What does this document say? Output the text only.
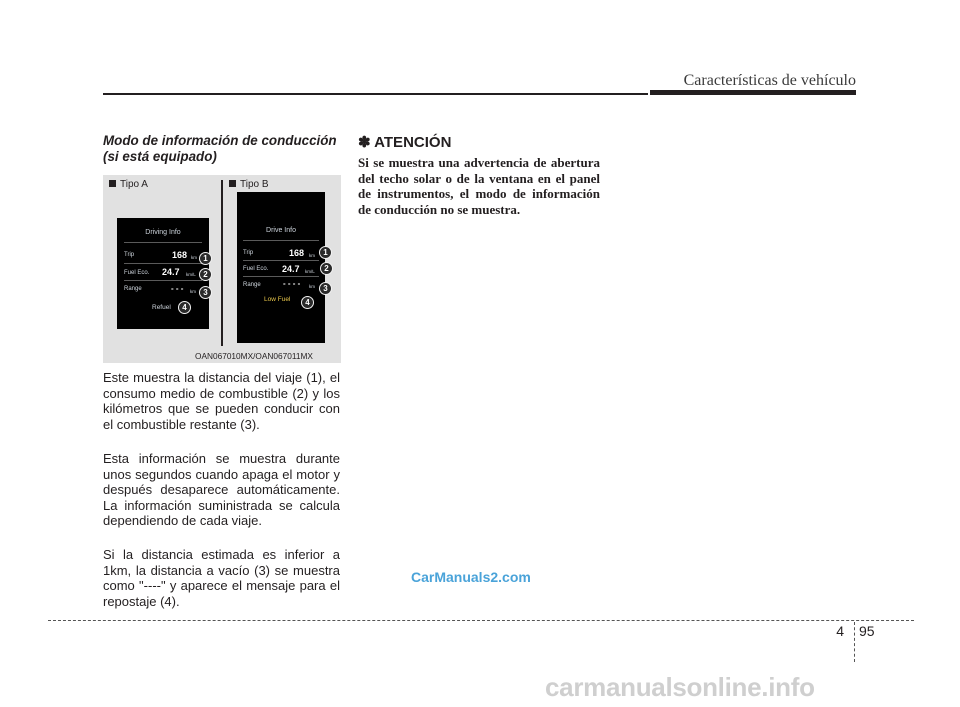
Características de vehículo
Modo de información de conducción (si está equipado)
Tipo A	Tipo B
Driving Info
Trip	168 km
Fuel Eco. 24.7 km/L
Range	- - - km
Refuel
1
2
3
4
Drive Info
Trip	168 km
Fuel Eco. 24.7 km/L
Range	- - - - km
Low Fuel
1
2
3
4
OAN067010MX/OAN067011MX
Este muestra la distancia del viaje (1), el consumo medio de combustible (2) y los kilómetros que se pueden conducir con el combustible restante (3).
Esta información se muestra durante unos segundos cuando apaga el motor y después desaparece automáticamente. La información suministrada se calcula dependiendo de cada viaje.
Si la distancia estimada es inferior a 1km, la distancia a vacío (3) se muestra como "----" y aparece el mensaje para el repostaje (4).
✽ ATENCIÓN
Si se muestra una advertencia de abertura del techo solar o de la ventana en el panel de instrumentos, el modo de información de conducción no se muestra.
CarManuals2.com
4 95
carmanualsonline.info
